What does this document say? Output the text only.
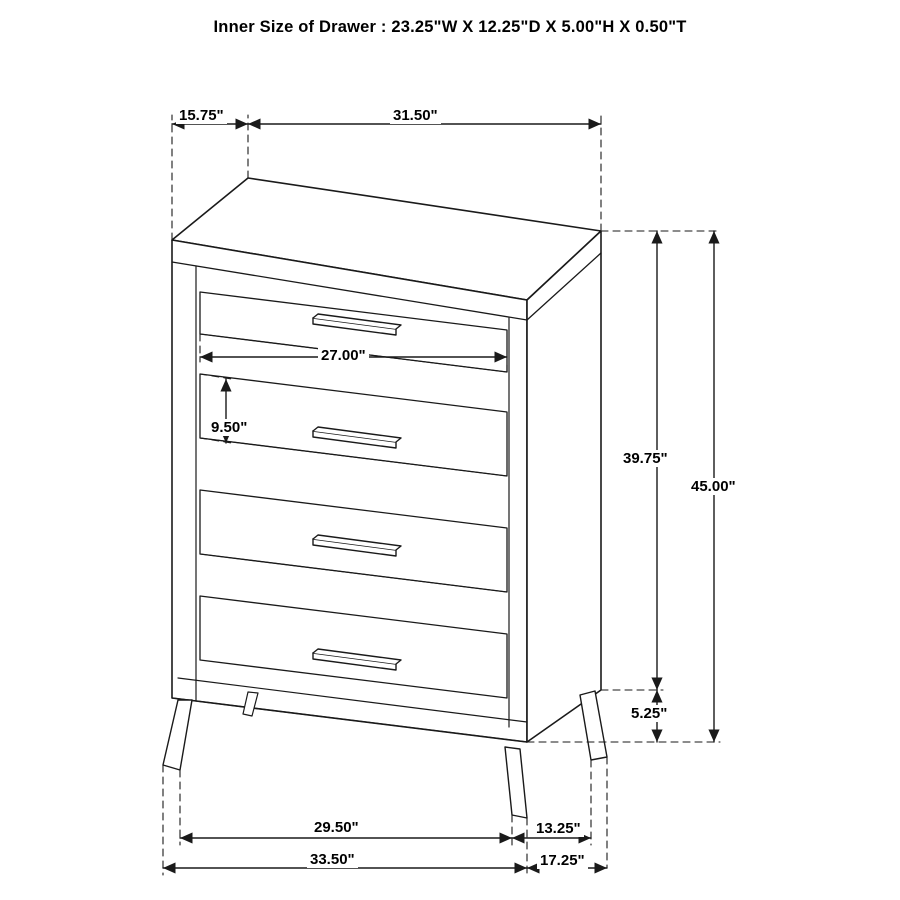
Inner Size of Drawer : 23.25"W X 12.25"D X 5.00"H X 0.50"T
15.75"	31.50"
27.00"
9.50"
39.75"
45.00"
5.25"
29.50"
33.50"
13.25"
17.25"
